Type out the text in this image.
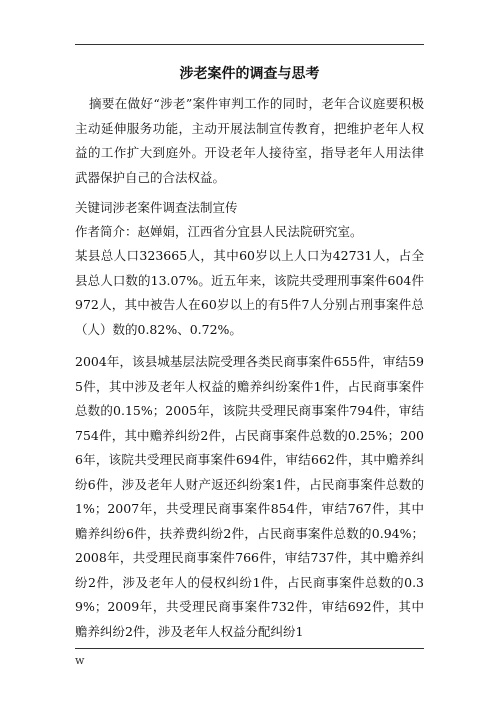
涉老案件的调查与思考
摘要在做好“涉老”案件审判工作的同时，老年合议庭要积极主动延伸服务功能，主动开展法制宣传教育，把维护老年人权益的工作扩大到庭外。开设老年人接待室，指导老年人用法律武器保护自己的合法权益。
关键词涉老案件调查法制宣传
作者简介：赵婵娟，江西省分宜县人民法院研究室。
某县总人口323665人，其中60岁以上人口为42731人，占全县总人口数的13.07%。近五年来，该院共受理刑事案件604件972人，其中被告人在60岁以上的有5件7人分别占刑事案件总（人）数的0.82%、0.72%。
2004年，该县城基层法院受理各类民商事案件655件，审结595件，其中涉及老年人权益的赡养纠纷案件1件，占民商事案件总数的0.15%；2005年，该院共受理民商事案件794件，审结754件，其中赡养纠纷2件，占民商事案件总数的0.25%；2006年，该院共受理民商事案件694件，审结662件，其中赡养纠纷6件，涉及老年人财产返还纠纷案1件，占民商事案件总数的1%；2007年，共受理民商事案件854件，审结767件，其中赡养纠纷6件，扶养费纠纷2件，占民商事案件总数的0.94%；2008年，共受理民商事案件766件，审结737件，其中赡养纠纷2件，涉及老年人的侵权纠纷1件，占民商事案件总数的0.39%；2009年，共受理民商事案件732件，审结692件，其中赡养纠纷2件，涉及老年人权益分配纠纷1
w
